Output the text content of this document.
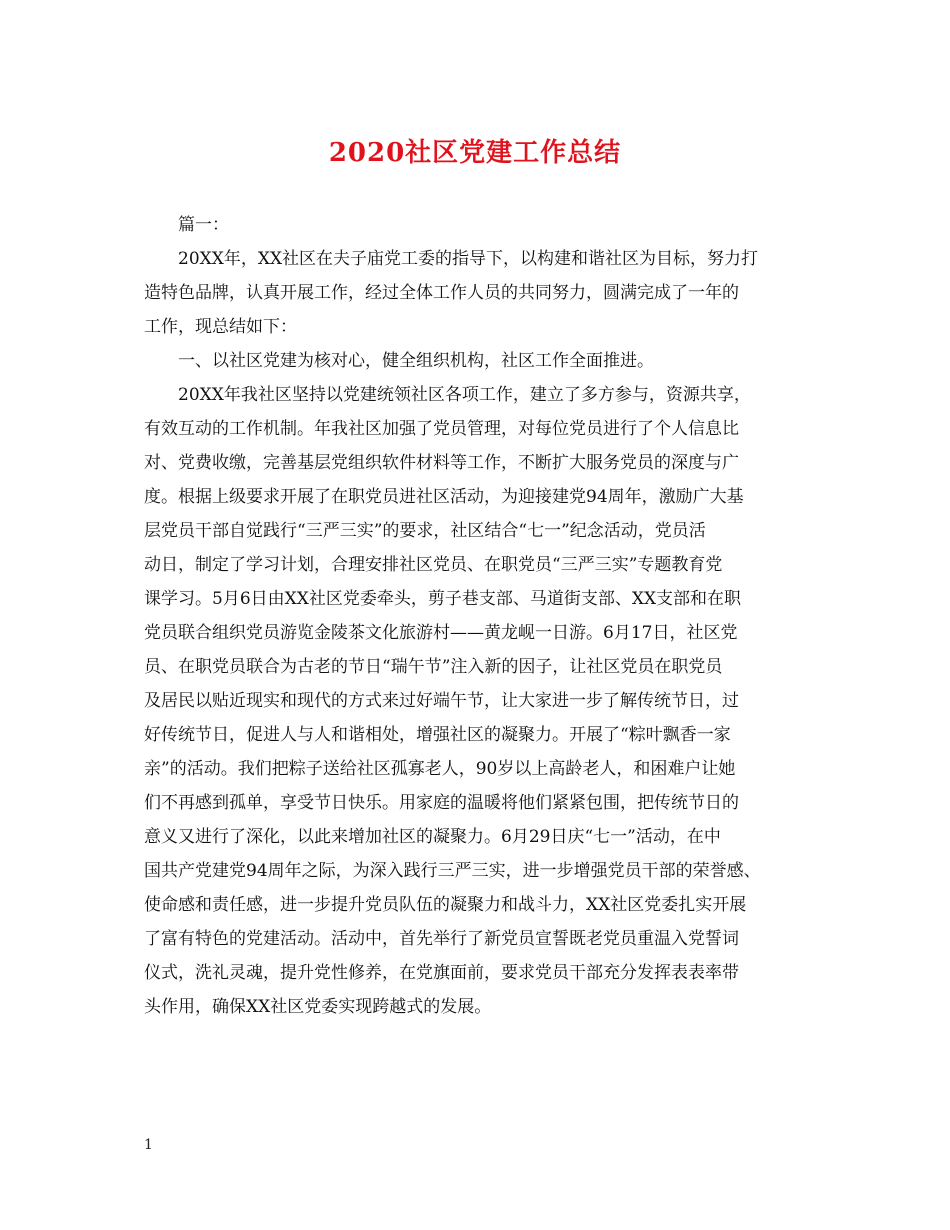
2020社区党建工作总结
篇一：
20XX年，XX社区在夫子庙党工委的指导下，以构建和谐社区为目标，努力打
造特色品牌，认真开展工作，经过全体工作人员的共同努力，圆满完成了一年的
工作，现总结如下：
一、以社区党建为核对心，健全组织机构，社区工作全面推进。
20XX年我社区坚持以党建统领社区各项工作，建立了多方参与，资源共享，
有效互动的工作机制。年我社区加强了党员管理，对每位党员进行了个人信息比
对、党费收缴，完善基层党组织软件材料等工作，不断扩大服务党员的深度与广
度。根据上级要求开展了在职党员进社区活动，为迎接建党94周年，激励广大基
层党员干部自觉践行“三严三实”的要求，社区结合“七一”纪念活动，党员活
动日，制定了学习计划，合理安排社区党员、在职党员“三严三实”专题教育党
课学习。5月6日由XX社区党委牵头，剪子巷支部、马道街支部、XX支部和在职
党员联合组织党员游览金陵茶文化旅游村——黄龙岘一日游。6月17日，社区党
员、在职党员联合为古老的节日“瑞午节”注入新的因子，让社区党员在职党员
及居民以贴近现实和现代的方式来过好端午节，让大家进一步了解传统节日，过
好传统节日，促进人与人和谐相处，增强社区的凝聚力。开展了“粽叶飘香一家
亲”的活动。我们把粽子送给社区孤寡老人，90岁以上高龄老人，和困难户让她
们不再感到孤单，享受节日快乐。用家庭的温暖将他们紧紧包围，把传统节日的
意义又进行了深化，以此来增加社区的凝聚力。6月29日庆“七一”活动，在中
国共产党建党94周年之际，为深入践行三严三实，进一步增强党员干部的荣誉感、
使命感和责任感，进一步提升党员队伍的凝聚力和战斗力，XX社区党委扎实开展
了富有特色的党建活动。活动中，首先举行了新党员宣誓既老党员重温入党誓词
仪式，洗礼灵魂，提升党性修养，在党旗面前，要求党员干部充分发挥表表率带
头作用，确保XX社区党委实现跨越式的发展。
1
